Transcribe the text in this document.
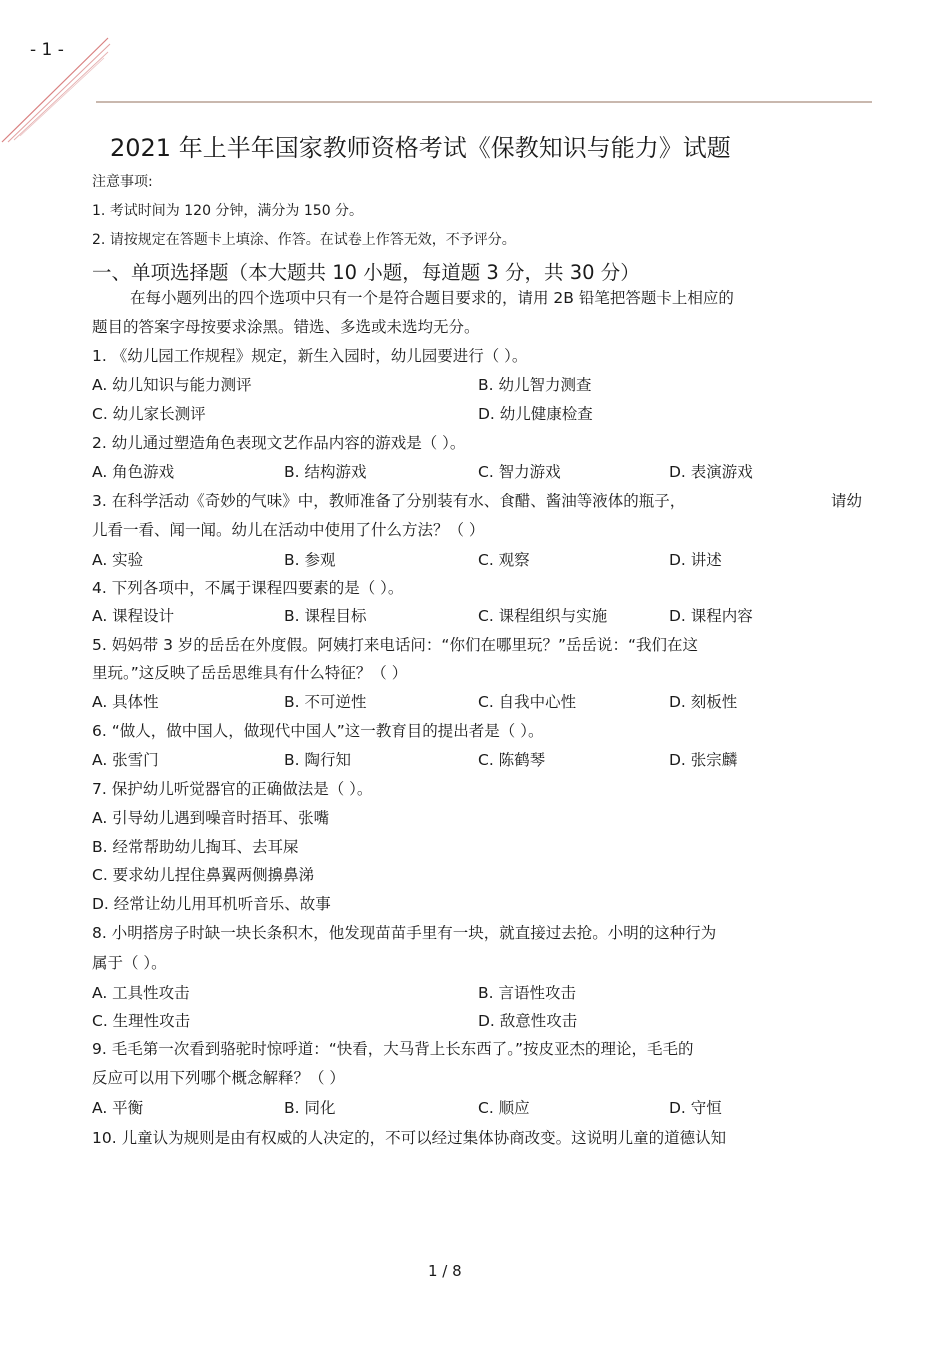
- 1 -
2021 年上半年国家教师资格考试《保教知识与能力》试题
注意事项:
1. 考试时间为 120 分钟，满分为 150 分。
2. 请按规定在答题卡上填涂、作答。在试卷上作答无效，不予评分。
一、单项选择题（本大题共 10 小题，每道题 3 分，共 30 分）
在每小题列出的四个选项中只有一个是符合题目要求的，请用 2B 铅笔把答题卡上相应的
题目的答案字母按要求涂黑。错选、多选或未选均无分。
1. 《幼儿园工作规程》规定，新生入园时，幼儿园要进行（ ）。
A. 幼儿知识与能力测评	B. 幼儿智力测查
C. 幼儿家长测评	D. 幼儿健康检查
2. 幼儿通过塑造角色表现文艺作品内容的游戏是（ ）。
A. 角色游戏	B. 结构游戏	C. 智力游戏	D. 表演游戏
3. 在科学活动《奇妙的气味》中，教师准备了分别装有水、食醋、酱油等液体的瓶子，	请幼
儿看一看、闻一闻。幼儿在活动中使用了什么方法？（ ）
A. 实验	B. 参观	C. 观察	D. 讲述
4. 下列各项中，不属于课程四要素的是（ ）。
A. 课程设计	B. 课程目标	C. 课程组织与实施	D. 课程内容
5. 妈妈带 3 岁的岳岳在外度假。阿姨打来电话问：“你们在哪里玩？”岳岳说：“我们在这
里玩。”这反映了岳岳思维具有什么特征？（ ）
A. 具体性	B. 不可逆性	C. 自我中心性	D. 刻板性
6. “做人，做中国人，做现代中国人”这一教育目的提出者是（ ）。
A. 张雪门	B. 陶行知	C. 陈鹤琴	D. 张宗麟
7. 保护幼儿听觉器官的正确做法是（ ）。
A. 引导幼儿遇到噪音时捂耳、张嘴
B. 经常帮助幼儿掏耳、去耳屎
C. 要求幼儿捏住鼻翼两侧擤鼻涕
D. 经常让幼儿用耳机听音乐、故事
8. 小明搭房子时缺一块长条积木，他发现苗苗手里有一块，就直接过去抢。小明的这种行为
属于（ ）。
A. 工具性攻击	B. 言语性攻击
C. 生理性攻击	D. 敌意性攻击
9. 毛毛第一次看到骆驼时惊呼道：“快看，大马背上长东西了。”按皮亚杰的理论，毛毛的
反应可以用下列哪个概念解释？（ ）
A. 平衡	B. 同化	C. 顺应	D. 守恒
10. 儿童认为规则是由有权威的人决定的，不可以经过集体协商改变。这说明儿童的道德认知
1 / 8
